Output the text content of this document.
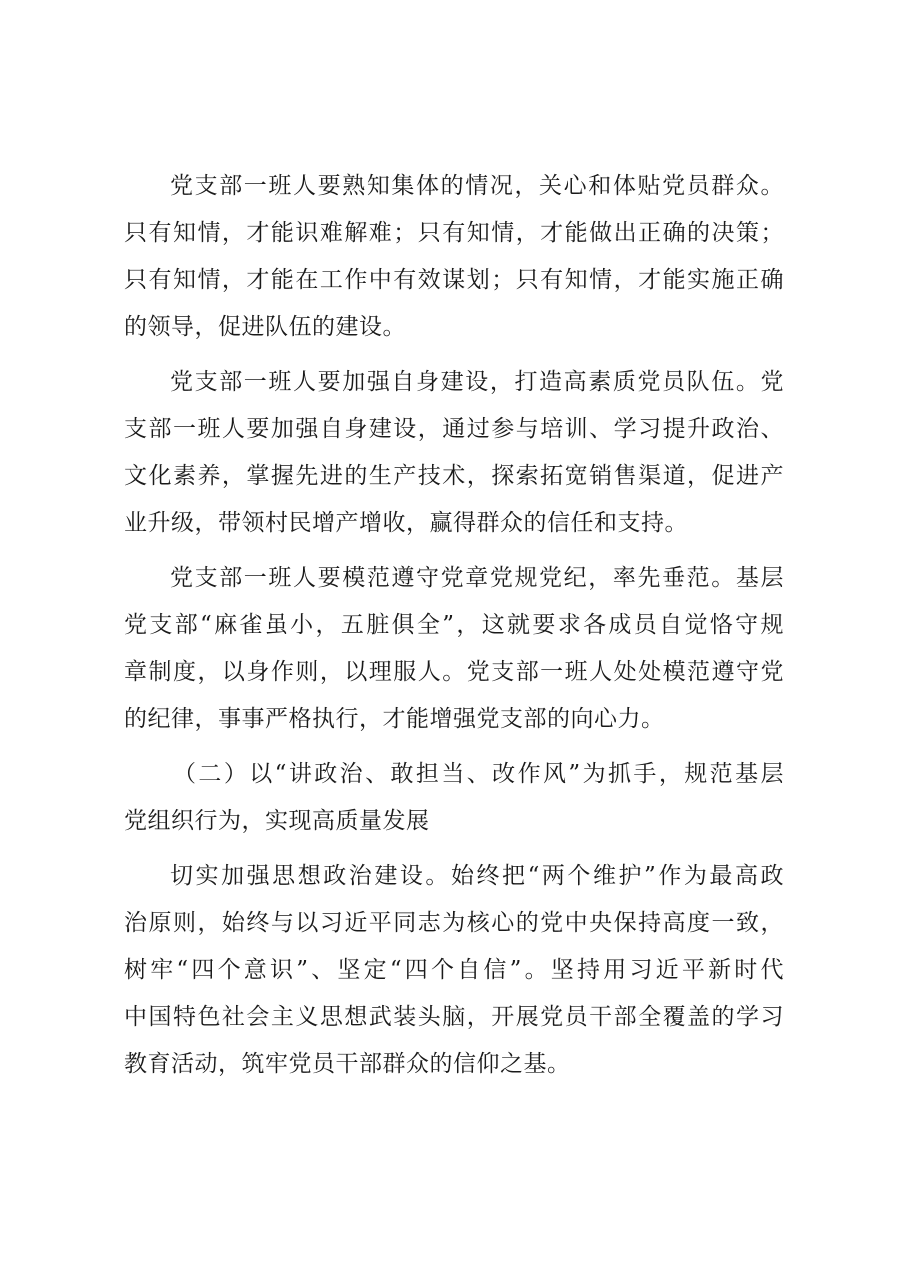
党支部一班人要熟知集体的情况，关心和体贴党员群众。
只有知情，才能识难解难；只有知情，才能做出正确的决策；
只有知情，才能在工作中有效谋划；只有知情，才能实施正确
的领导，促进队伍的建设。
党支部一班人要加强自身建设，打造高素质党员队伍。党
支部一班人要加强自身建设，通过参与培训、学习提升政治、
文化素养，掌握先进的生产技术，探索拓宽销售渠道，促进产
业升级，带领村民增产增收，赢得群众的信任和支持。
党支部一班人要模范遵守党章党规党纪，率先垂范。基层
党支部“麻雀虽小，五脏俱全”，这就要求各成员自觉恪守规
章制度，以身作则，以理服人。党支部一班人处处模范遵守党
的纪律，事事严格执行，才能增强党支部的向心力。
（二）以“讲政治、敢担当、改作风”为抓手，规范基层
党组织行为，实现高质量发展
切实加强思想政治建设。始终把“两个维护”作为最高政
治原则，始终与以习近平同志为核心的党中央保持高度一致，
树牢“四个意识”、坚定“四个自信”。坚持用习近平新时代
中国特色社会主义思想武装头脑，开展党员干部全覆盖的学习
教育活动，筑牢党员干部群众的信仰之基。
